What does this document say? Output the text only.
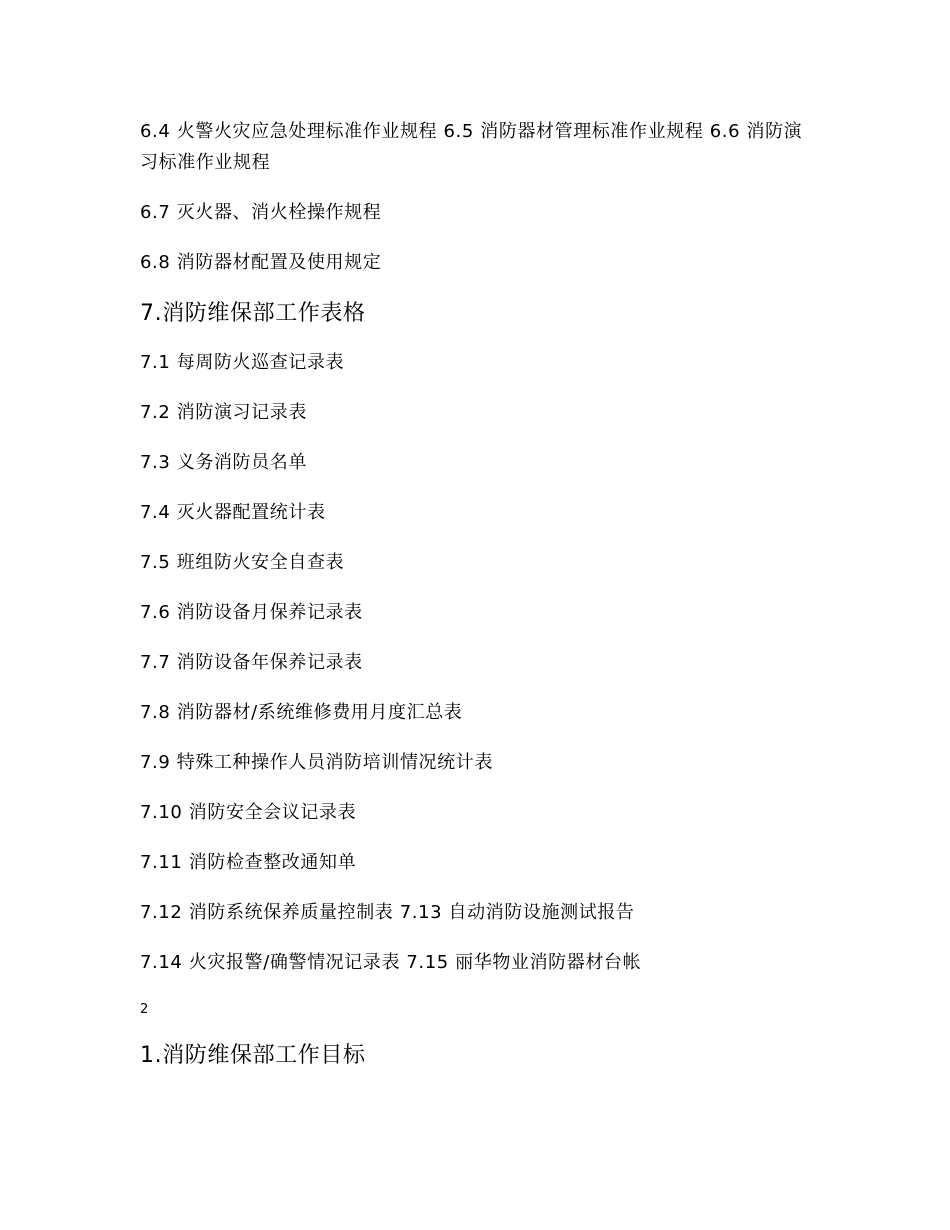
6.4 火警火灾应急处理标准作业规程 6.5 消防器材管理标准作业规程 6.6 消防演习标准作业规程

6.7 灭火器、消火栓操作规程

6.8 消防器材配置及使用规定

7.消防维保部工作表格

7.1 每周防火巡查记录表

7.2 消防演习记录表

7.3 义务消防员名单

7.4 灭火器配置统计表

7.5 班组防火安全自查表

7.6 消防设备月保养记录表

7.7 消防设备年保养记录表

7.8 消防器材/系统维修费用月度汇总表

7.9 特殊工种操作人员消防培训情况统计表

7.10 消防安全会议记录表

7.11 消防检查整改通知单

7.12 消防系统保养质量控制表 7.13 自动消防设施测试报告

7.14 火灾报警/确警情况记录表 7.15 丽华物业消防器材台帐

2

1.消防维保部工作目标
